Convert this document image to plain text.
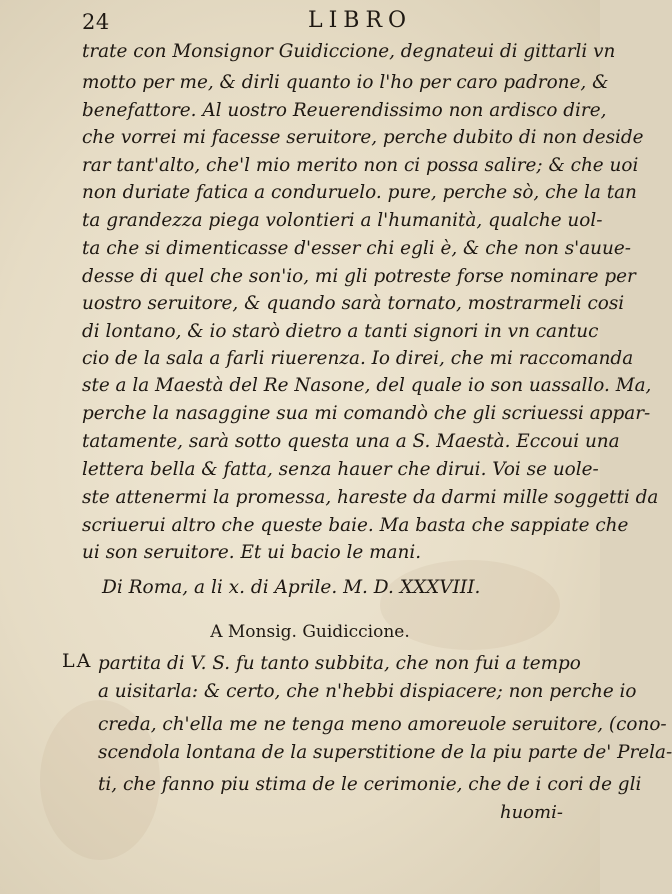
24	LIBRO
trate con Monsignor Guidiccione, degnateui di gittarli vn
motto per me, & dirli quanto io l'ho per caro padrone, &
benefattore. Al uostro Reuerendissimo non ardisco dire,
che vorrei mi facesse seruitore, perche dubito di non deside
rar tant'alto, che'l mio merito non ci possa salire; & che uoi
non duriate fatica a conduruelo. pure, perche sò, che la tan
ta grandezza piega volontieri a l'humanità, qualche uol-
ta che si dimenticasse d'esser chi egli è, & che non s'auue-
desse di quel che son'io, mi gli potreste forse nominare per
uostro seruitore, & quando sarà tornato, mostrarmeli cosi
di lontano, & io starò dietro a tanti signori in vn cantuc
cio de la sala a farli riuerenza. Io direi, che mi raccomanda
ste a la Maestà del Re Nasone, del quale io son uassallo. Ma,
perche la nasaggine sua mi comandò che gli scriuessi appar-
tatamente, sarà sotto questa una a S. Maestà. Eccoui una
lettera bella & fatta, senza hauer che dirui. Voi se uole-
ste attenermi la promessa, hareste da darmi mille soggetti da
scriuerui altro che queste baie. Ma basta che sappiate che
ui son seruitore. Et ui bacio le mani.
Di Roma, a li x. di Aprile. M. D. XXXVIII.
A Monsig. Guidiccione.
LA partita di V. S. fu tanto subbita, che non fui a tempo
a uisitarla: & certo, che n'hebbi dispiacere; non perche io
creda, ch'ella me ne tenga meno amoreuole seruitore, (cono-
scendola lontana de la superstitione de la piu parte de' Prela-
ti, che fanno piu stima de le cerimonie, che de i cori de gli
huomi-
